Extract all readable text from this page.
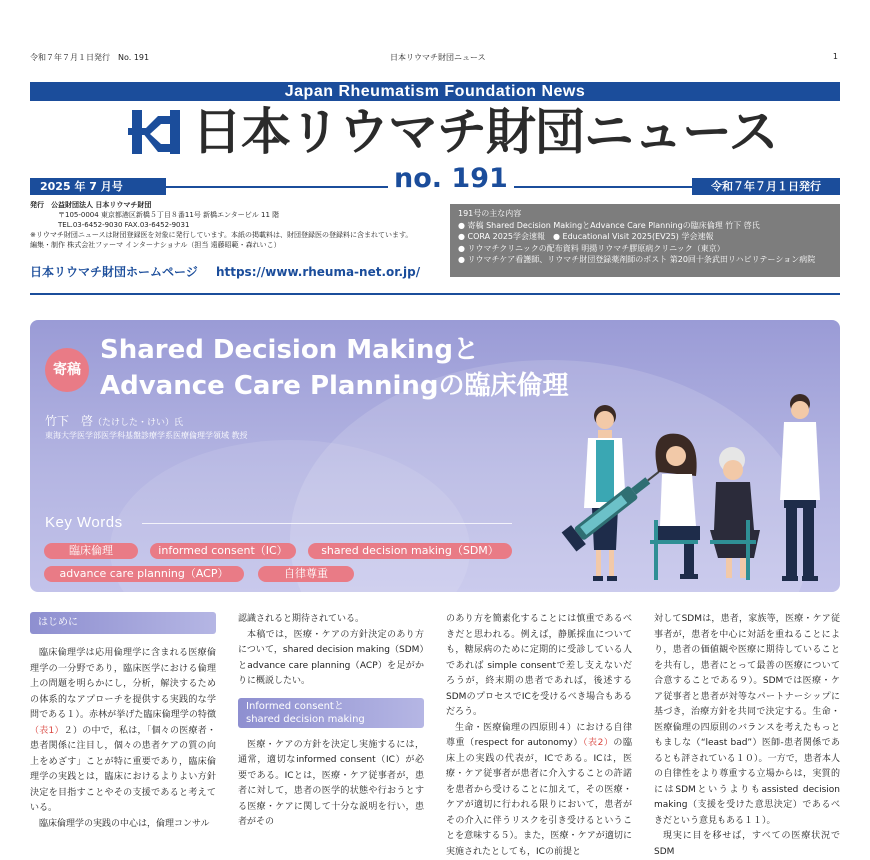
令和７年７月１日発行　No. 191	日本リウマチ財団ニュース	1
Japan Rheumatism Foundation News
日本リウマチ財団ニュース
2025 年 7 月号	令和７年７月１日発行
no. 191
発行　公益財団法人 日本リウマチ財団
〒105-0004 東京都港区新橋５丁目８番11号 新橋エンタービル 11 階
TEL.03-6452-9030 FAX.03-6452-9031
※リウマチ財団ニュースは財団登録医を対象に発行しています。本紙の掲載料は、財団登録医の登録料に含まれています。
編集・制作 株式会社ファーマ インターナショナル（担当 遠藤昭範・森れいこ）
日本リウマチ財団ホームページ https://www.rheuma-net.or.jp/
191号の主な内容
● 寄稿 Shared Decision MakingとAdvance Care Planningの臨床倫理 竹下 啓氏
● CORA 2025学会速報　● Educational Visit 2025(EV25) 学会速報
● リウマチクリニックの配布資料 明揚リウマチ膠原病クリニック（東京）
● リウマチケア看護師、リウマチ財団登録薬剤師のポスト 第20回十条武田リハビリテーション病院
寄稿
Shared Decision Makingと
Advance Care Planningの臨床倫理
竹下　啓（たけした・けい）氏
東海大学医学部医学科基盤診療学系医療倫理学領域 教授
Key Words
臨床倫理	informed consent（IC）	shared decision making（SDM）
advance care planning（ACP）	自律尊重
はじめに

臨床倫理学は応用倫理学に含まれる医療倫理学の一分野であり，臨床医学における倫理上の問題を明らかにし，分析，解決するための体系的なアプローチを提供する実践的な学問である１）。赤林が挙げた臨床倫理学の特徴（表1）２）の中で，私は，「個々の医療者・患者関係に注目し，個々の患者ケアの質の向上をめざす」ことが特に重要であり，臨床倫理学の実践とは，臨床におけるよりよい方針決定を目指すことやその支援であると考えている。

臨床倫理学の実践の中心は，倫理コンサル

認識されると期待されている。

本稿では，医療・ケアの方針決定のあり方について，shared decision making（SDM）とadvance care planning（ACP）を足がかりに概説したい。

Informed consentと
shared decision making

医療・ケアの方針を決定し実施するには，通常，適切なinformed consent（IC）が必要である。ICとは，医療・ケア従事者が，患者に対して，患者の医学的状態や行おうとする医療・ケアに関して十分な説明を行い，患者がその

のあり方を簡素化することには慎重であるべきだと思われる。例えば，静脈採血についても，糖尿病のために定期的に受診している人であれば simple consentで差し支えないだろうが，終末期の患者であれば，後述するSDMのプロセスでICを受けるべき場合もあるだろう。

生命・医療倫理の四原則４）における自律尊重（respect for autonomy）（表2）の臨床上の実践の代表が，ICである。ICは，医療・ケア従事者が患者に介入することの許諾を患者から受けることに加えて，その医療・ケアが適切に行われる限りにおいて，患者がその介入に伴うリスクを引き受けるということを意味する５）。また，医療・ケアが適切に実施されたとしても，ICの前提と

対してSDMは，患者，家族等，医療・ケア従事者が，患者を中心に対話を重ねることにより，患者の価値観や医療に期待していることを共有し，患者にとって最善の医療について合意することである９）。SDMでは医療・ケア従事者と患者が対等なパートナーシップに基づき，治療方針を共同で決定する。生命・医療倫理の四原則のバランスを考えたもっともましな（“least bad”）医師-患者関係であるとも評されている１０）。一方で，患者本人の自律性をより尊重する立場からは，実質的にはSDMというよりもassisted decision making（支援を受けた意思決定）であるべきだという意見もある１１）。

現実に目を移せば，すべての医療状況でSDM
